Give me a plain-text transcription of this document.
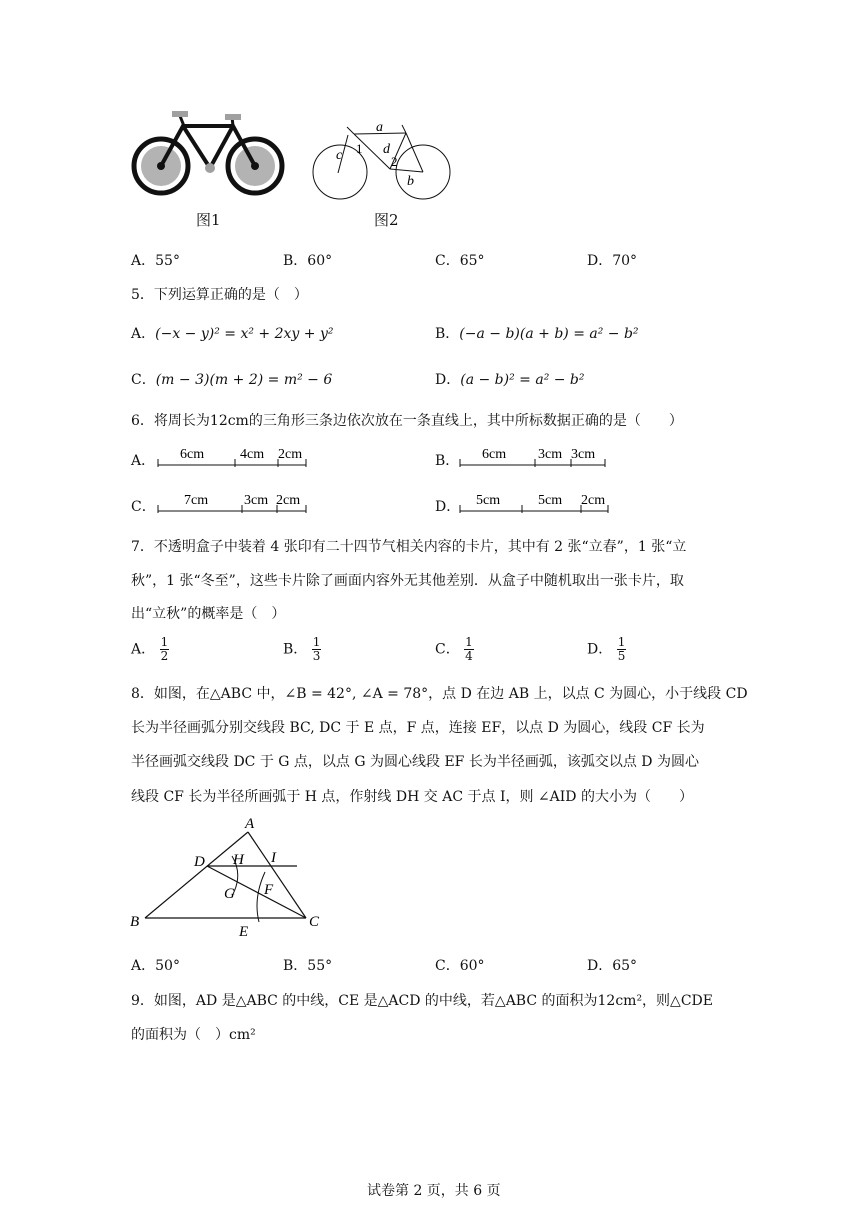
图1
a
c 1 d
2
b
图2
A．55°	B．60°	C．65°	D．70°
5．下列运算正确的是（　）
A．(−x − y)² = x² + 2xy + y²	B．(−a − b)(a + b) = a² − b²
C．(m − 3)(m + 2) = m² − 6	D．(a − b)² = a² − b²
6．将周长为12cm的三角形三条边依次放在一条直线上，其中所标数据正确的是（　　）
A． 6cm	4cm 2cm	B． 6cm 3cm 3cm
C． 7cm	3cm 2cm	D． 5cm	5cm 2cm
7．不透明盒子中装着 4 张印有二十四节气相关内容的卡片，其中有 2 张“立春”，1 张“立
秋”，1 张“冬至”，这些卡片除了画面内容外无其他差别．从盒子中随机取出一张卡片，取
出“立秋”的概率是（　）
A． $\frac{1}{2}$	B． $\frac{1}{3}$	C． $\frac{1}{4}$	D． $\frac{1}{5}$
8．如图，在△ABC 中，∠B = 42°, ∠A = 78°，点 D 在边 AB 上，以点 C 为圆心，小于线段 CD
长为半径画弧分别交线段 BC, DC 于 E 点，F 点，连接 EF，以点 D 为圆心，线段 CF 长为
半径画弧交线段 DC 于 G 点，以点 G 为圆心线段 EF 长为半径画弧，该弧交以点 D 为圆心
线段 CF 长为半径所画弧于 H 点，作射线 DH 交 AC 于点 I，则 ∠AID 的大小为（　　）
A
B	C
D H I
G F
E
A．50°	B．55°	C．60°	D．65°
9．如图，AD 是△ABC 的中线，CE 是△ACD 的中线，若△ABC 的面积为12cm²，则△CDE
的面积为（　）cm²
试卷第 2 页，共 6 页
